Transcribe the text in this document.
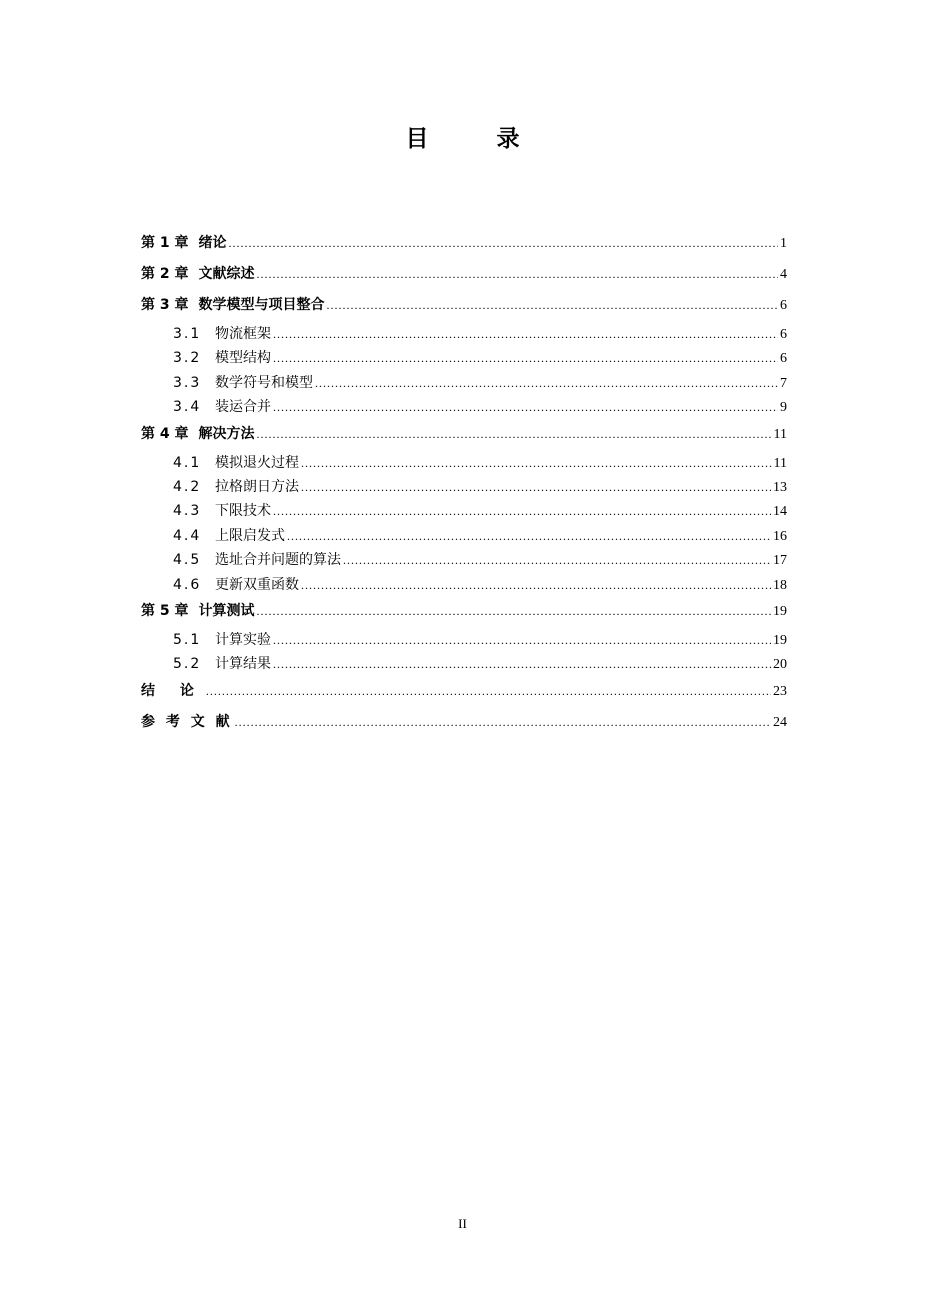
目 录
第 1 章 绪论 .....	1
第 2 章 文献综述 .....	4
第 3 章 数学模型与项目整合 .....	6
3.1 物流框架 .....	6
3.2 模型结构 .....	6
3.3 数学符号和模型 .....	7
3.4 装运合并 .....	9
第 4 章 解决方法 .....	11
4.1 模拟退火过程 .....	11
4.2 拉格朗日方法 .....	13
4.3 下限技术 .....	14
4.4 上限启发式 .....	16
4.5 选址合并问题的算法 .....	17
4.6 更新双重函数 .....	18
第 5 章 计算测试 .....	19
5.1 计算实验 .....	19
5.2 计算结果 .....	20
结 论 .....	23
参 考 文 献 .....	24
II
